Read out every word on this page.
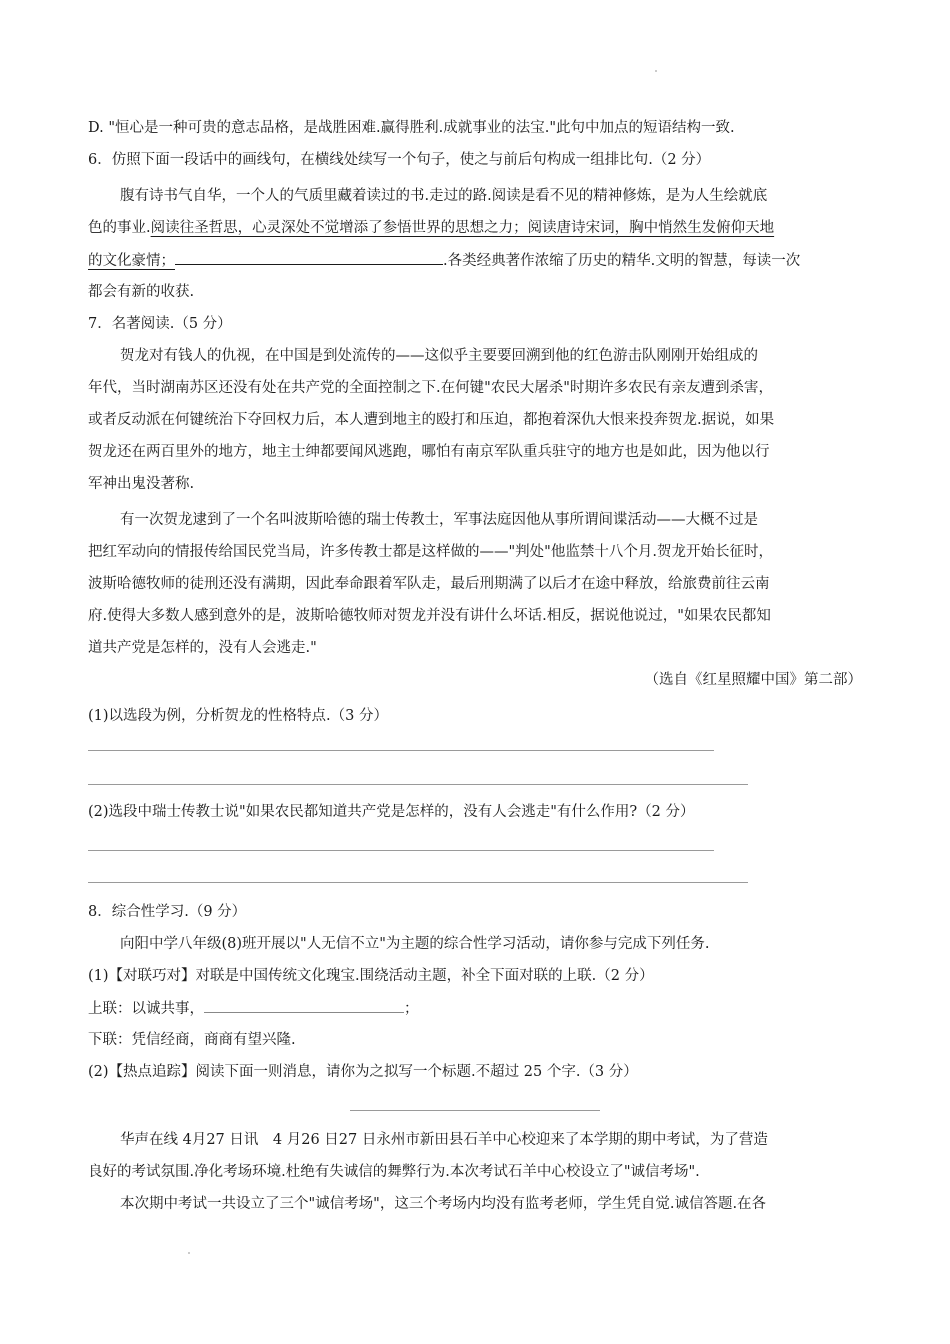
D. "恒心是一种可贵的意志品格，是战胜困难.赢得胜利.成就事业的法宝."此句中加点的短语结构一致.
6．仿照下面一段话中的画线句，在横线处续写一个句子，使之与前后句构成一组排比句.（2 分）
腹有诗书气自华，一个人的气质里藏着读过的书.走过的路.阅读是看不见的精神修炼，是为人生绘就底
色的事业.阅读往圣哲思，心灵深处不觉增添了参悟世界的思想之力；阅读唐诗宋词，胸中悄然生发俯仰天地
的文化豪情；	.各类经典著作浓缩了历史的精华.文明的智慧，每读一次
都会有新的收获.
7．名著阅读.（5 分）
贺龙对有钱人的仇视，在中国是到处流传的——这似乎主要要回溯到他的红色游击队刚刚开始组成的
年代，当时湖南苏区还没有处在共产党的全面控制之下.在何键"农民大屠杀"时期许多农民有亲友遭到杀害，
或者反动派在何键统治下夺回权力后，本人遭到地主的殴打和压迫，都抱着深仇大恨来投奔贺龙.据说，如果
贺龙还在两百里外的地方，地主士绅都要闻风逃跑，哪怕有南京军队重兵驻守的地方也是如此，因为他以行
军神出鬼没著称.
有一次贺龙逮到了一个名叫波斯哈德的瑞士传教士，军事法庭因他从事所谓间谍活动——大概不过是
把红军动向的情报传给国民党当局，许多传教士都是这样做的——"判处"他监禁十八个月.贺龙开始长征时，
波斯哈德牧师的徒刑还没有满期，因此奉命跟着军队走，最后刑期满了以后才在途中释放，给旅费前往云南
府.使得大多数人感到意外的是，波斯哈德牧师对贺龙并没有讲什么坏话.相反，据说他说过，"如果农民都知
道共产党是怎样的，没有人会逃走."
（选自《红星照耀中国》第二部）
(1)以选段为例，分析贺龙的性格特点.（3 分）
(2)选段中瑞士传教士说"如果农民都知道共产党是怎样的，没有人会逃走"有什么作用?（2 分）
8．综合性学习.（9 分）
向阳中学八年级(8)班开展以"人无信不立"为主题的综合性学习活动，请你参与完成下列任务.
(1)【对联巧对】对联是中国传统文化瑰宝.围绕活动主题，补全下面对联的上联.（2 分）
上联：以诚共事，	；
下联：凭信经商，商商有望兴隆.
(2)【热点追踪】阅读下面一则消息，请你为之拟写一个标题.不超过 25 个字.（3 分）
华声在线 4月27 日讯　4 月26 日27 日永州市新田县石羊中心校迎来了本学期的期中考试，为了营造
良好的考试氛围.净化考场环境.杜绝有失诚信的舞弊行为.本次考试石羊中心校设立了"诚信考场".
本次期中考试一共设立了三个"诚信考场"，这三个考场内均没有监考老师，学生凭自觉.诚信答题.在各
